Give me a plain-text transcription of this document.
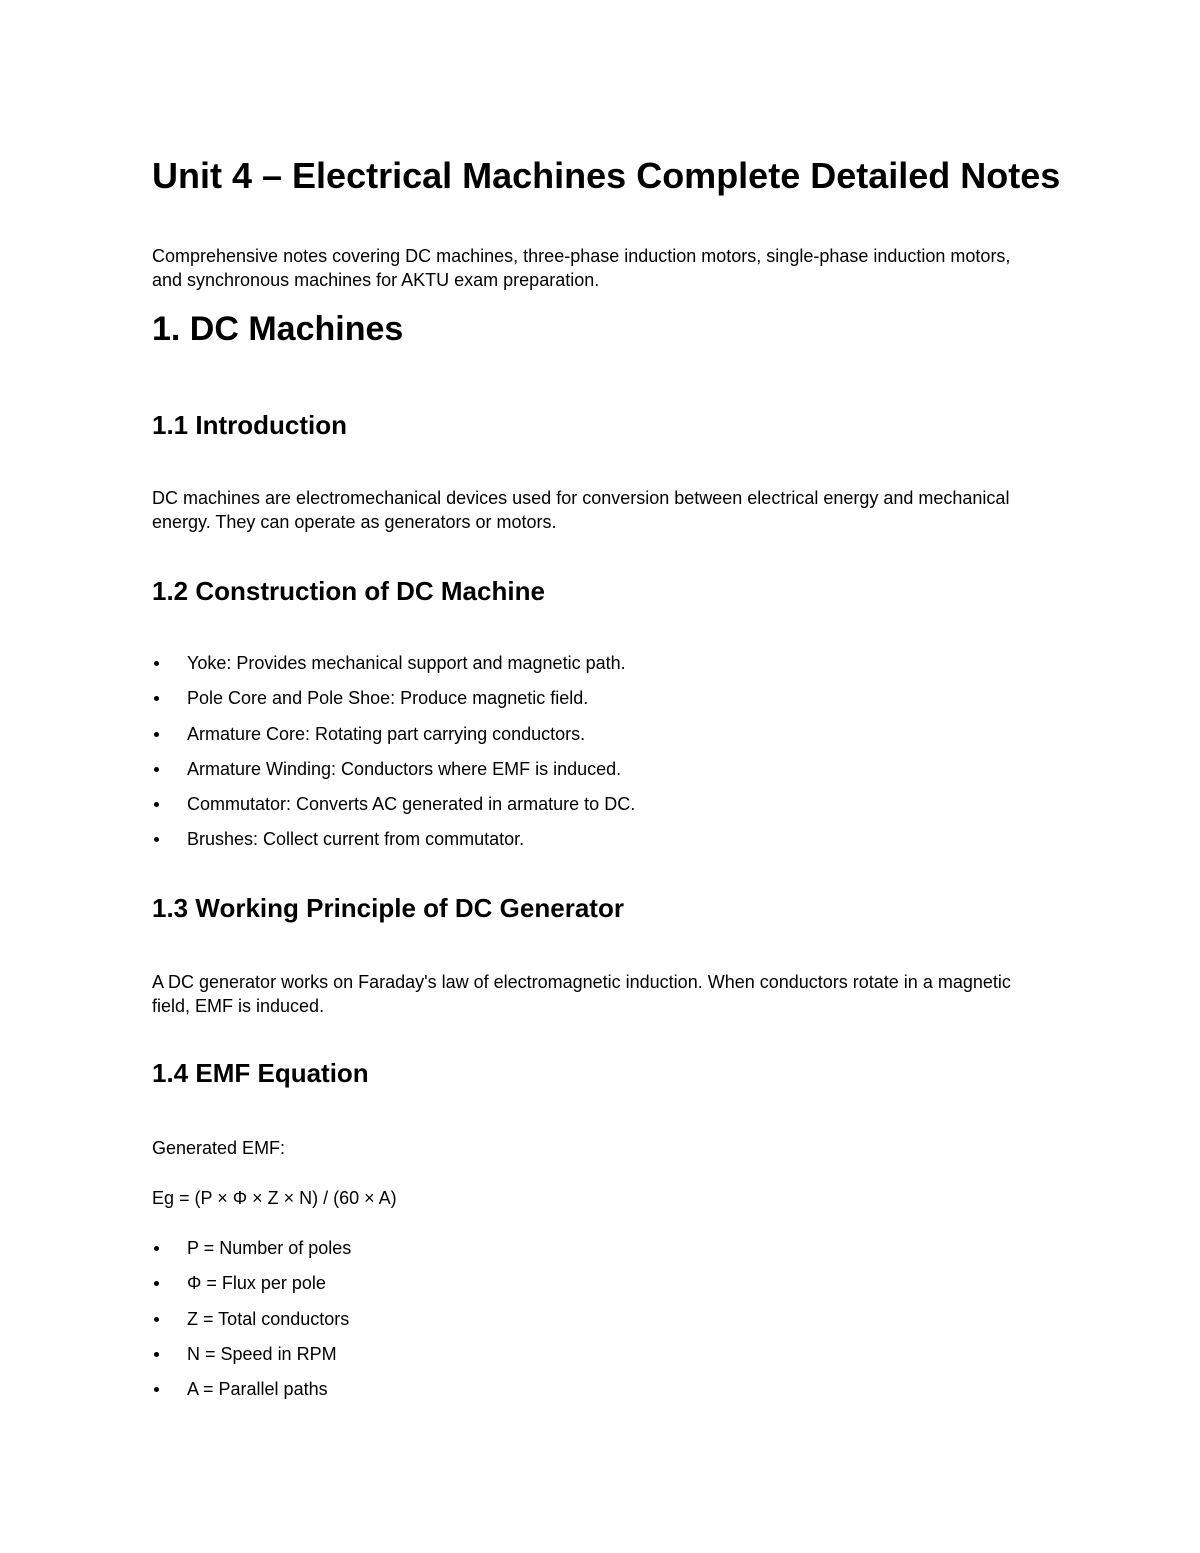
Unit 4 – Electrical Machines Complete Detailed Notes

Comprehensive notes covering DC machines, three-phase induction motors, single-phase induction motors, and synchronous machines for AKTU exam preparation.

1. DC Machines
1.1 Introduction

DC machines are electromechanical devices used for conversion between electrical energy and mechanical energy. They can operate as generators or motors.

1.2 Construction of DC Machine
Yoke: Provides mechanical support and magnetic path.
Pole Core and Pole Shoe: Produce magnetic field.
Armature Core: Rotating part carrying conductors.
Armature Winding: Conductors where EMF is induced.
Commutator: Converts AC generated in armature to DC.
Brushes: Collect current from commutator.
1.3 Working Principle of DC Generator

A DC generator works on Faraday's law of electromagnetic induction. When conductors rotate in a magnetic field, EMF is induced.

1.4 EMF Equation

Generated EMF:

Eg = (P × Φ × Z × N) / (60 × A)

P = Number of poles
Φ = Flux per pole
Z = Total conductors
N = Speed in RPM
A = Parallel paths
